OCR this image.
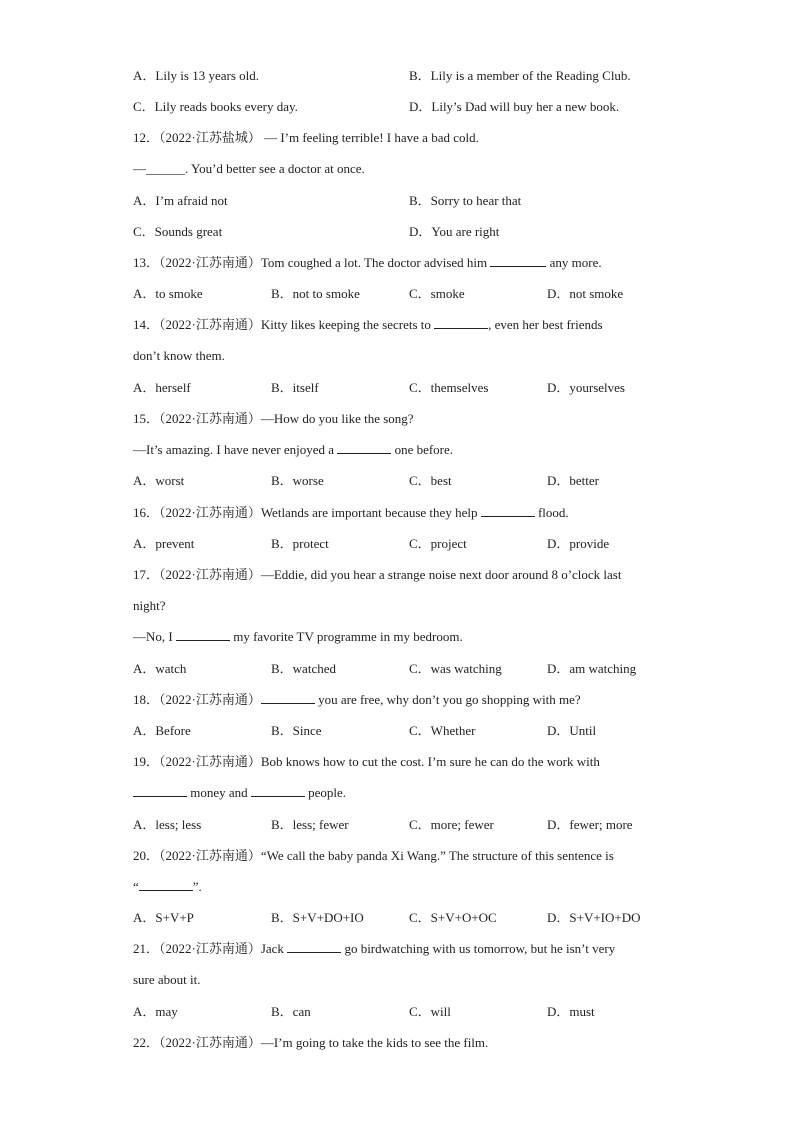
A．Lily is 13 years old.	B．Lily is a member of the Reading Club.
C．Lily reads books every day.	D．Lily’s Dad will buy her a new book.
12．（2022·江苏盐城） — I’m feeling terrible! I have a bad cold.
—______. You’d better see a doctor at once.
A．I’m afraid not	B．Sorry to hear that
C．Sounds great	D．You are right
13．（2022·江苏南通）Tom coughed a lot. The doctor advised him	any more.
A．to smoke	B．not to smoke	C．smoke	D．not smoke
14．（2022·江苏南通）Kitty likes keeping the secrets to	, even her best friends
don’t know them.
A．herself	B．itself	C．themselves	D．yourselves
15．（2022·江苏南通）—How do you like the song?
—It’s amazing. I have never enjoyed a	one before.
A．worst	B．worse	C．best	D．better
16．（2022·江苏南通）Wetlands are important because they help	flood.
A．prevent	B．protect	C．project	D．provide
17．（2022·江苏南通）—Eddie, did you hear a strange noise next door around 8 o’clock last
night?
—No, I	my favorite TV programme in my bedroom.
A．watch	B．watched	C．was watching	D．am watching
18．（2022·江苏南通）	you are free, why don’t you go shopping with me?
A．Before	B．Since	C．Whether	D．Until
19．（2022·江苏南通）Bob knows how to cut the cost. I’m sure he can do the work with
money and	people.
A．less; less	B．less; fewer	C．more; fewer	D．fewer; more
20．（2022·江苏南通）“We call the baby panda Xi Wang.” The structure of this sentence is
“	”.
A．S+V+P	B．S+V+DO+IO	C．S+V+O+OC	D．S+V+IO+DO
21．（2022·江苏南通）Jack	go birdwatching with us tomorrow, but he isn’t very
sure about it.
A．may	B．can	C．will	D．must
22．（2022·江苏南通）—I’m going to take the kids to see the film.
